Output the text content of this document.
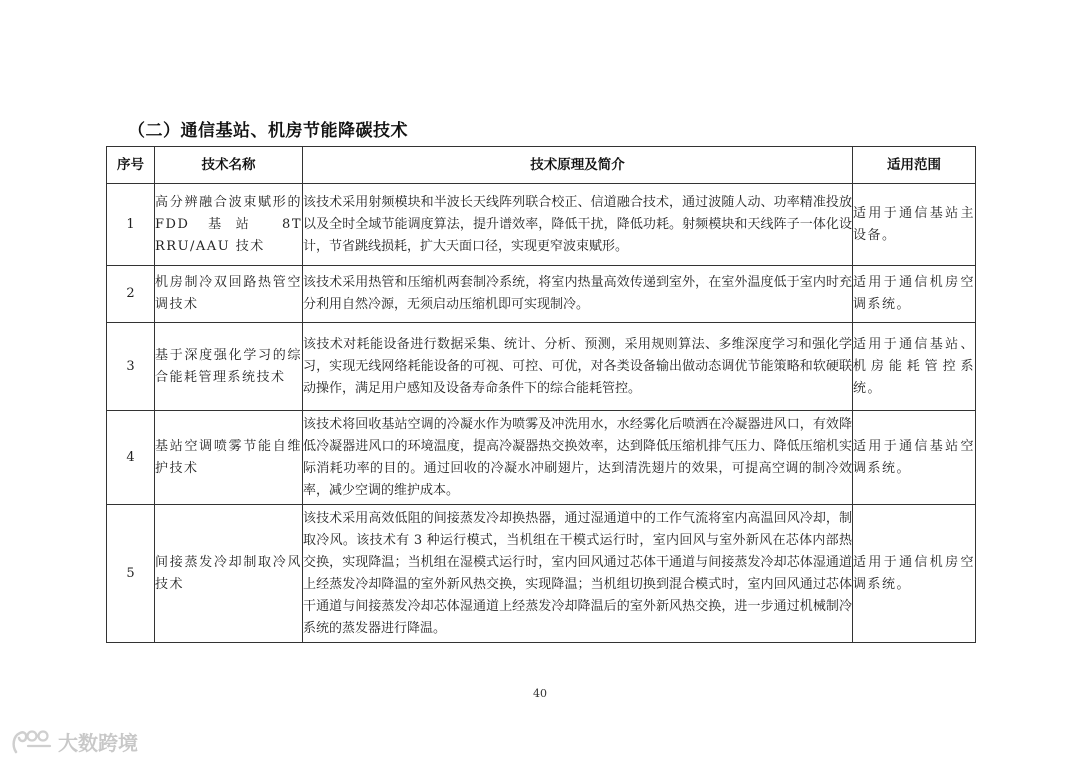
（二）通信基站、机房节能降碳技术
序号	技术名称	技术原理及简介	适用范围
1	高分辨融合波束赋形的 FDD 基站 8T RRU/AAU 技术	该技术采用射频模块和半波长天线阵列联合校正、信道融合技术，通过波随人动、功率精准投放以及全时全域节能调度算法，提升谱效率，降低干扰，降低功耗。射频模块和天线阵子一体化设计，节省跳线损耗，扩大天面口径，实现更窄波束赋形。	适用于通信基站主设备。
2	机房制冷双回路热管空调技术	该技术采用热管和压缩机两套制冷系统，将室内热量高效传递到室外，在室外温度低于室内时充分利用自然冷源，无须启动压缩机即可实现制冷。	适用于通信机房空调系统。
3	基于深度强化学习的综合能耗管理系统技术	该技术对耗能设备进行数据采集、统计、分析、预测，采用规则算法、多维深度学习和强化学习，实现无线网络耗能设备的可视、可控、可优，对各类设备输出做动态调优节能策略和软硬联动操作，满足用户感知及设备寿命条件下的综合能耗管控。	适用于通信基站、机房能耗管控系统。
4	基站空调喷雾节能自维护技术	该技术将回收基站空调的冷凝水作为喷雾及冲洗用水，水经雾化后喷洒在冷凝器进风口，有效降低冷凝器进风口的环境温度，提高冷凝器热交换效率，达到降低压缩机排气压力、降低压缩机实际消耗功率的目的。通过回收的冷凝水冲刷翅片，达到清洗翅片的效果，可提高空调的制冷效率，减少空调的维护成本。	适用于通信基站空调系统。
5	间接蒸发冷却制取冷风技术	该技术采用高效低阻的间接蒸发冷却换热器，通过湿通道中的工作气流将室内高温回风冷却，制取冷风。该技术有 3 种运行模式，当机组在干模式运行时，室内回风与室外新风在芯体内部热交换，实现降温；当机组在湿模式运行时，室内回风通过芯体干通道与间接蒸发冷却芯体湿通道上经蒸发冷却降温的室外新风热交换，实现降温；当机组切换到混合模式时，室内回风通过芯体干通道与间接蒸发冷却芯体湿通道上经蒸发冷却降温后的室外新风热交换，进一步通过机械制冷系统的蒸发器进行降温。	适用于通信机房空调系统。
40
大数跨境
